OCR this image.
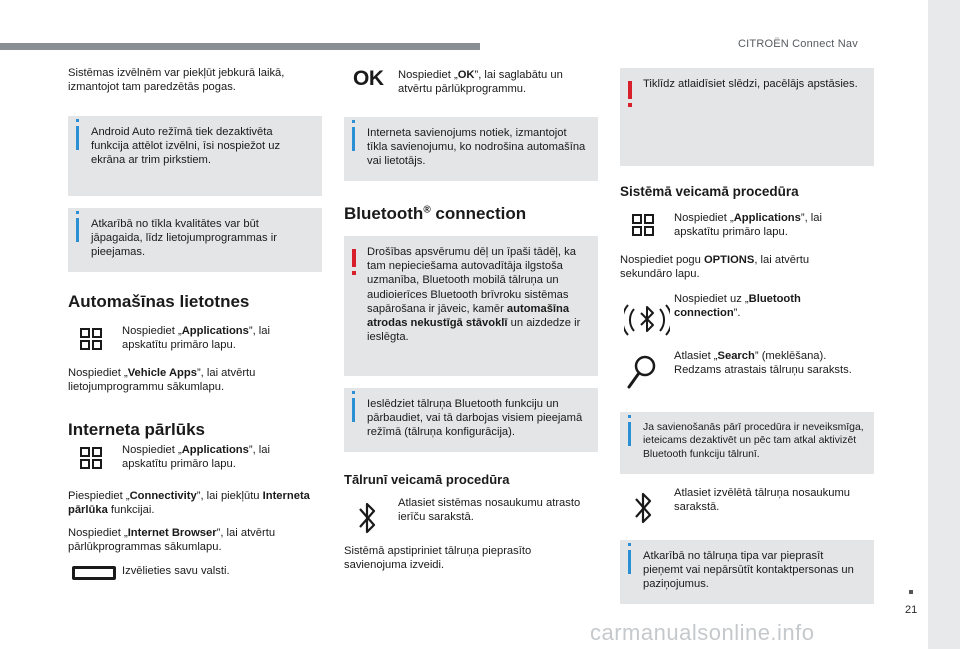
CITROËN Connect Nav
21
Sistēmas izvēlnēm var piekļūt jebkurā laikā, izmantojot tam paredzētās pogas.
Android Auto režīmā tiek dezaktivēta funkcija attēlot izvēlni, īsi nospiežot uz ekrāna ar trim pirkstiem.
Atkarībā no tīkla kvalitātes var būt jāpagaida, līdz lietojumprogrammas ir pieejamas.
Automašīnas lietotnes
Nospiediet „Applications”, lai apskatītu primāro lapu.
Nospiediet „Vehicle Apps”, lai atvērtu lietojumprogrammu sākumlapu.
Interneta pārlūks
Nospiediet „Applications”, lai apskatītu primāro lapu.
Piespiediet „Connectivity”, lai piekļūtu Interneta pārlūka funkcijai.
Nospiediet „Internet Browser”, lai atvērtu pārlūkprogrammas sākumlapu.
Izvēlieties savu valsti.
OK Nospiediet „OK”, lai saglabātu un atvērtu pārlūkprogrammu.
Interneta savienojums notiek, izmantojot tīkla savienojumu, ko nodrošina automašīna vai lietotājs.
Bluetooth® connection
Drošības apsvērumu dēļ un īpaši tādēļ, ka tam nepieciešama autovadītāja ilgstoša uzmanība, Bluetooth mobilā tālruņa un audioierīces Bluetooth brīvroku sistēmas sapārošana ir jāveic, kamēr automašīna atrodas nekustīgā stāvoklī un aizdedze ir ieslēgta.
Ieslēdziet tālruņa Bluetooth funkciju un pārbaudiet, vai tā darbojas visiem pieejamā režīmā (tālruņa konfigurācija).
Tālrunī veicamā procedūra
Atlasiet sistēmas nosaukumu atrasto ierīču sarakstā.
Sistēmā apstipriniet tālruņa pieprasīto savienojuma izveidi.
Tiklīdz atlaidīsiet slēdzi, pacēlājs apstāsies.
Sistēmā veicamā procedūra
Nospiediet „Applications”, lai apskatītu primāro lapu.
Nospiediet pogu OPTIONS, lai atvērtu sekundāro lapu.
Nospiediet uz „Bluetooth connection”.
Atlasiet „Search” (meklēšana). Redzams atrastais tālruņu saraksts.
Ja savienošanās pārī procedūra ir neveiksmīga, ieteicams dezaktivēt un pēc tam atkal aktivizēt Bluetooth funkciju tālrunī.
Atlasiet izvēlētā tālruņa nosaukumu sarakstā.
Atkarībā no tālruņa tipa var pieprasīt pieņemt vai nepārsūtīt kontaktpersonas un paziņojumus.
carmanualsonline.info
